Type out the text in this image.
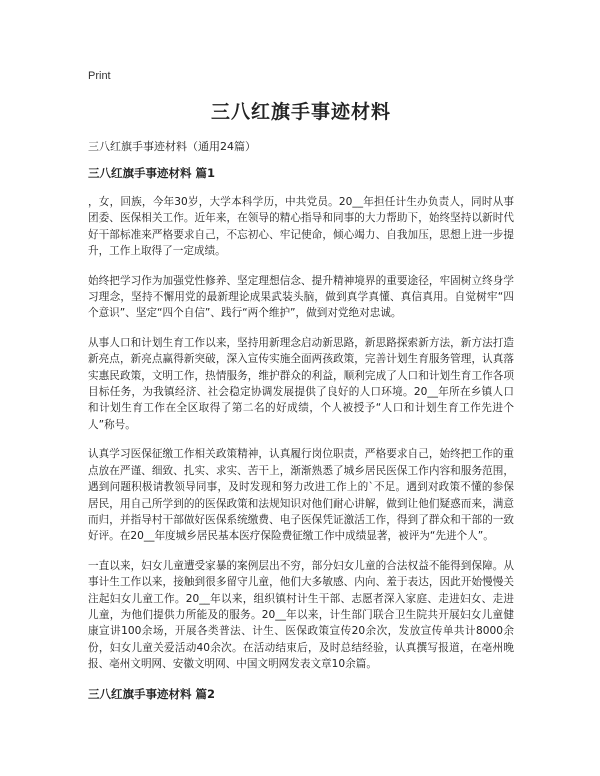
Print
三八红旗手事迹材料
三八红旗手事迹材料（通用24篇）
三八红旗手事迹材料 篇1

，女，回族，今年30岁，大学本科学历，中共党员。20__年担任计生办负责人，同时从事团委、医保相关工作。近年来，在领导的精心指导和同事的大力帮助下，始终坚持以新时代好干部标准来严格要求自己，不忘初心、牢记使命，倾心竭力、自我加压，思想上进一步提升，工作上取得了一定成绩。

始终把学习作为加强党性修养、坚定理想信念、提升精神境界的重要途径，牢固树立终身学习理念，坚持不懈用党的最新理论成果武装头脑，做到真学真懂、真信真用。自觉树牢“四个意识”、坚定“四个自信”、践行“两个维护”，做到对党绝对忠诚。

从事人口和计划生育工作以来，坚持用新理念启动新思路，新思路探索新方法，新方法打造新亮点，新亮点赢得新突破，深入宣传实施全面两孩政策，完善计划生育服务管理，认真落实惠民政策，文明工作，热情服务，维护群众的利益，顺利完成了人口和计划生育工作各项目标任务，为我镇经济、社会稳定协调发展提供了良好的人口环境。20__年所在乡镇人口和计划生育工作在全区取得了第二名的好成绩，个人被授予“人口和计划生育工作先进个人”称号。

认真学习医保征缴工作相关政策精神，认真履行岗位职责，严格要求自己，始终把工作的重点放在严谨、细致、扎实、求实、苦干上，渐渐熟悉了城乡居民医保工作内容和服务范围，遇到问题积极请教领导同事，及时发现和努力改进工作上的`不足。遇到对政策不懂的参保居民，用自己所学到的的医保政策和法规知识对他们耐心讲解，做到让他们疑惑而来，满意而归，并指导村干部做好医保系统缴费、电子医保凭证激活工作，得到了群众和干部的一致好评。在20__年度城乡居民基本医疗保险费征缴工作中成绩显著，被评为“先进个人”。

一直以来，妇女儿童遭受家暴的案例层出不穷，部分妇女儿童的合法权益不能得到保障。从事计生工作以来，接触到很多留守儿童，他们大多敏感、内向、羞于表达，因此开始慢慢关注起妇女儿童工作。20__年以来，组织镇村计生干部、志愿者深入家庭、走进妇女、走进儿童，为他们提供力所能及的服务。20__年以来，计生部门联合卫生院共开展妇女儿童健康宣讲100余场，开展各类普法、计生、医保政策宣传20余次，发放宣传单共计8000余份，妇女儿童关爱活动40余次。在活动结束后，及时总结经验，认真撰写报道，在亳州晚报、亳州文明网、安徽文明网、中国文明网发表文章10余篇。

三八红旗手事迹材料 篇2
